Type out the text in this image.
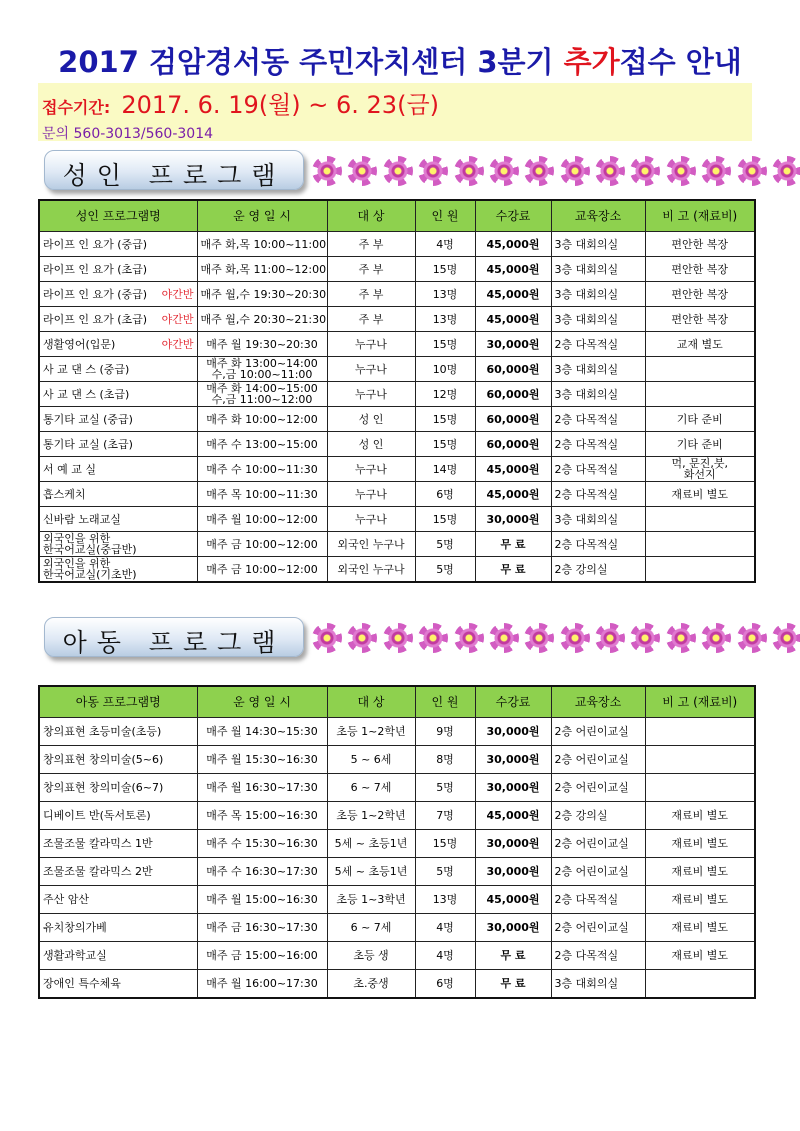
2017 검암경서동 주민자치센터 3분기 추가접수 안내
접수기간: 2017. 6. 19(월) ~ 6. 23(금)
문의 560-3013/560-3014
성인 프로그램
성인 프로그램명	운 영 일 시	대 상	인 원	수강료	교육장소	비 고 (재료비)
라이프 인 요가 (중급)	매주 화,목 10:00~11:00	주 부	4명	45,000원	3층 대회의실	편안한 복장
라이프 인 요가 (초급)	매주 화,목 11:00~12:00	주 부	15명	45,000원	3층 대회의실	편안한 복장
라이프 인 요가 (중급) 야간반	매주 월,수 19:30~20:30	주 부	13명	45,000원	3층 대회의실	편안한 복장
라이프 인 요가 (초급) 야간반	매주 월,수 20:30~21:30	주 부	13명	45,000원	3층 대회의실	편안한 복장
생활영어(입문) 야간반	매주 월 19:30~20:30	누구나	15명	30,000원	2층 다목적실	교재 별도
사 교 댄 스 (중급)	매주 화 13:00~14:00
수,금 10:00~11:00	누구나	10명	60,000원	3층 대회의실	
사 교 댄 스 (초급)	매주 화 14:00~15:00
수,금 11:00~12:00	누구나	12명	60,000원	3층 대회의실	
통기타 교실 (중급)	매주 화 10:00~12:00	성 인	15명	60,000원	2층 다목적실	기타 준비
통기타 교실 (초급)	매주 수 13:00~15:00	성 인	15명	60,000원	2층 다목적실	기타 준비
서 예 교 실	매주 수 10:00~11:30	누구나	14명	45,000원	2층 다목적실	먹, 문진,붓,
화선지
흡스케치	매주 목 10:00~11:30	누구나	6명	45,000원	2층 다목적실	재료비 별도
신바람 노래교실	매주 월 10:00~12:00	누구나	15명	30,000원	3층 대회의실	
외국인을 위한
한국어교실(중급반)	매주 금 10:00~12:00	외국인 누구나	5명	무 료	2층 다목적실	
외국인을 위한
한국어교실(기초반)	매주 금 10:00~12:00	외국인 누구나	5명	무 료	2층 강의실	
아동 프로그램
아동 프로그램명	운 영 일 시	대 상	인 원	수강료	교육장소	비 고 (재료비)
창의표현 초등미술(초등)	매주 월 14:30~15:30	초등 1~2학년	9명	30,000원	2층 어린이교실	
창의표현 창의미술(5~6)	매주 월 15:30~16:30	5 ~ 6세	8명	30,000원	2층 어린이교실	
창의표현 창의미술(6~7)	매주 월 16:30~17:30	6 ~ 7세	5명	30,000원	2층 어린이교실	
디베이트 반(독서토론)	매주 목 15:00~16:30	초등 1~2학년	7명	45,000원	2층 강의실	재료비 별도
조물조물 칼라믹스 1반	매주 수 15:30~16:30	5세 ~ 초등1년	15명	30,000원	2층 어린이교실	재료비 별도
조물조물 칼라믹스 2반	매주 수 16:30~17:30	5세 ~ 초등1년	5명	30,000원	2층 어린이교실	재료비 별도
주산 암산	매주 월 15:00~16:30	초등 1~3학년	13명	45,000원	2층 다목적실	재료비 별도
유치창의가베	매주 금 16:30~17:30	6 ~ 7세	4명	30,000원	2층 어린이교실	재료비 별도
생활과학교실	매주 금 15:00~16:00	초등 생	4명	무 료	2층 다목적실	재료비 별도
장애인 특수체육	매주 월 16:00~17:30	초.중생	6명	무 료	3층 대회의실	
